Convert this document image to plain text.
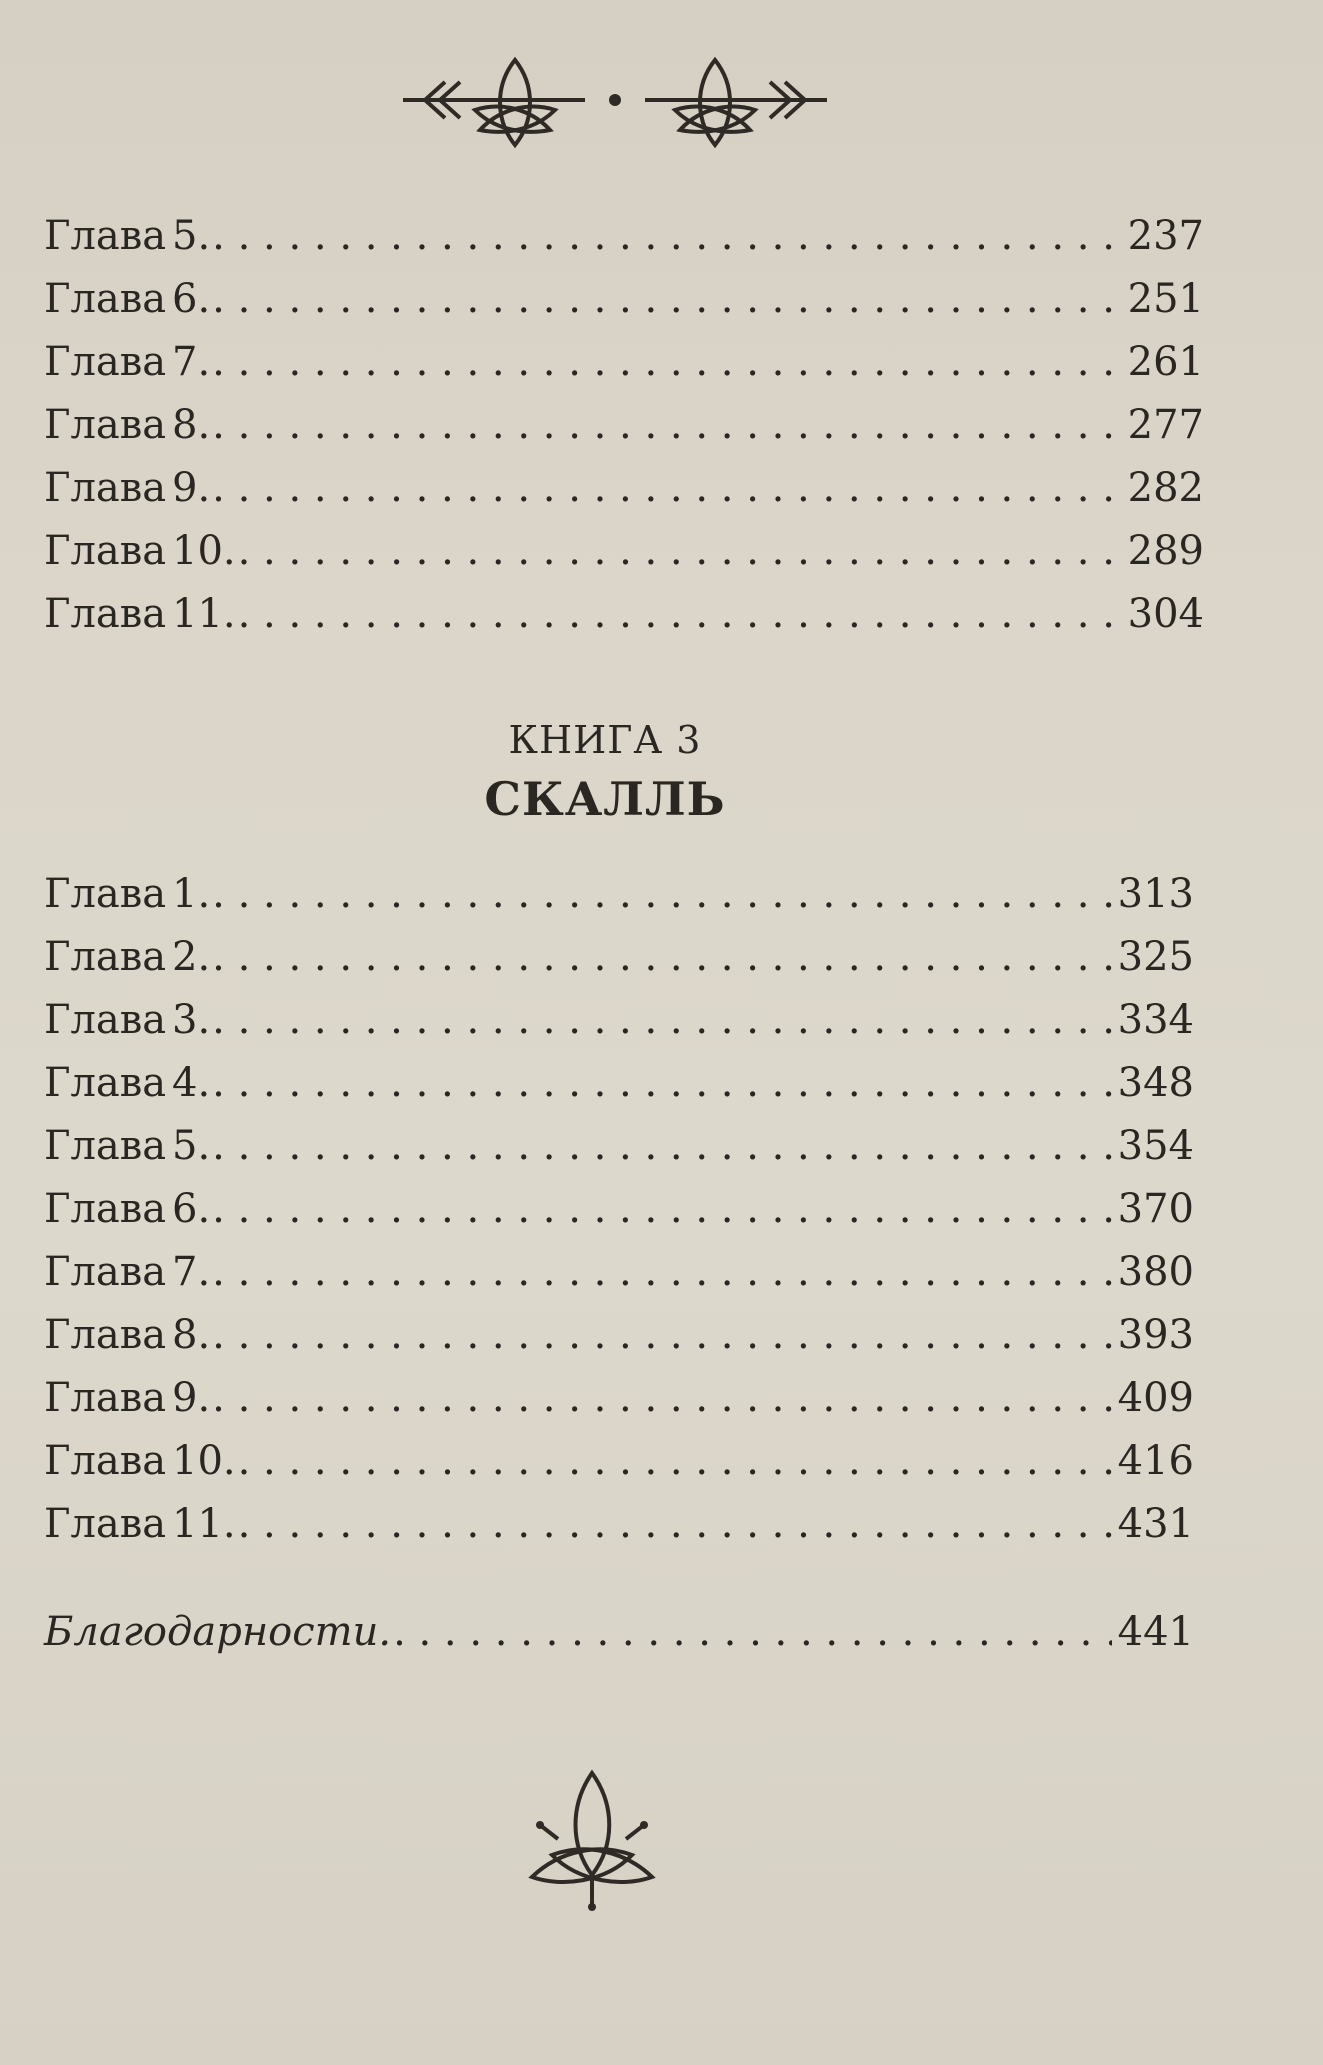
Глава 5. . . .	237
Глава 6. . . .	251
Глава 7. . . .	261
Глава 8. . . .	277
Глава 9. . . .	282
Глава 10. . . .	289
Глава 11. . . .	304
КНИГА 3
СКАЛЛЬ
Глава 1. . . .	313
Глава 2. . . .	325
Глава 3. . . .	334
Глава 4. . . .	348
Глава 5. . . .	354
Глава 6. . . .	370
Глава 7. . . .	380
Глава 8. . . .	393
Глава 9. . . .	409
Глава 10. . . .	416
Глава 11. . . .	431
Благодарности. . . .	441
